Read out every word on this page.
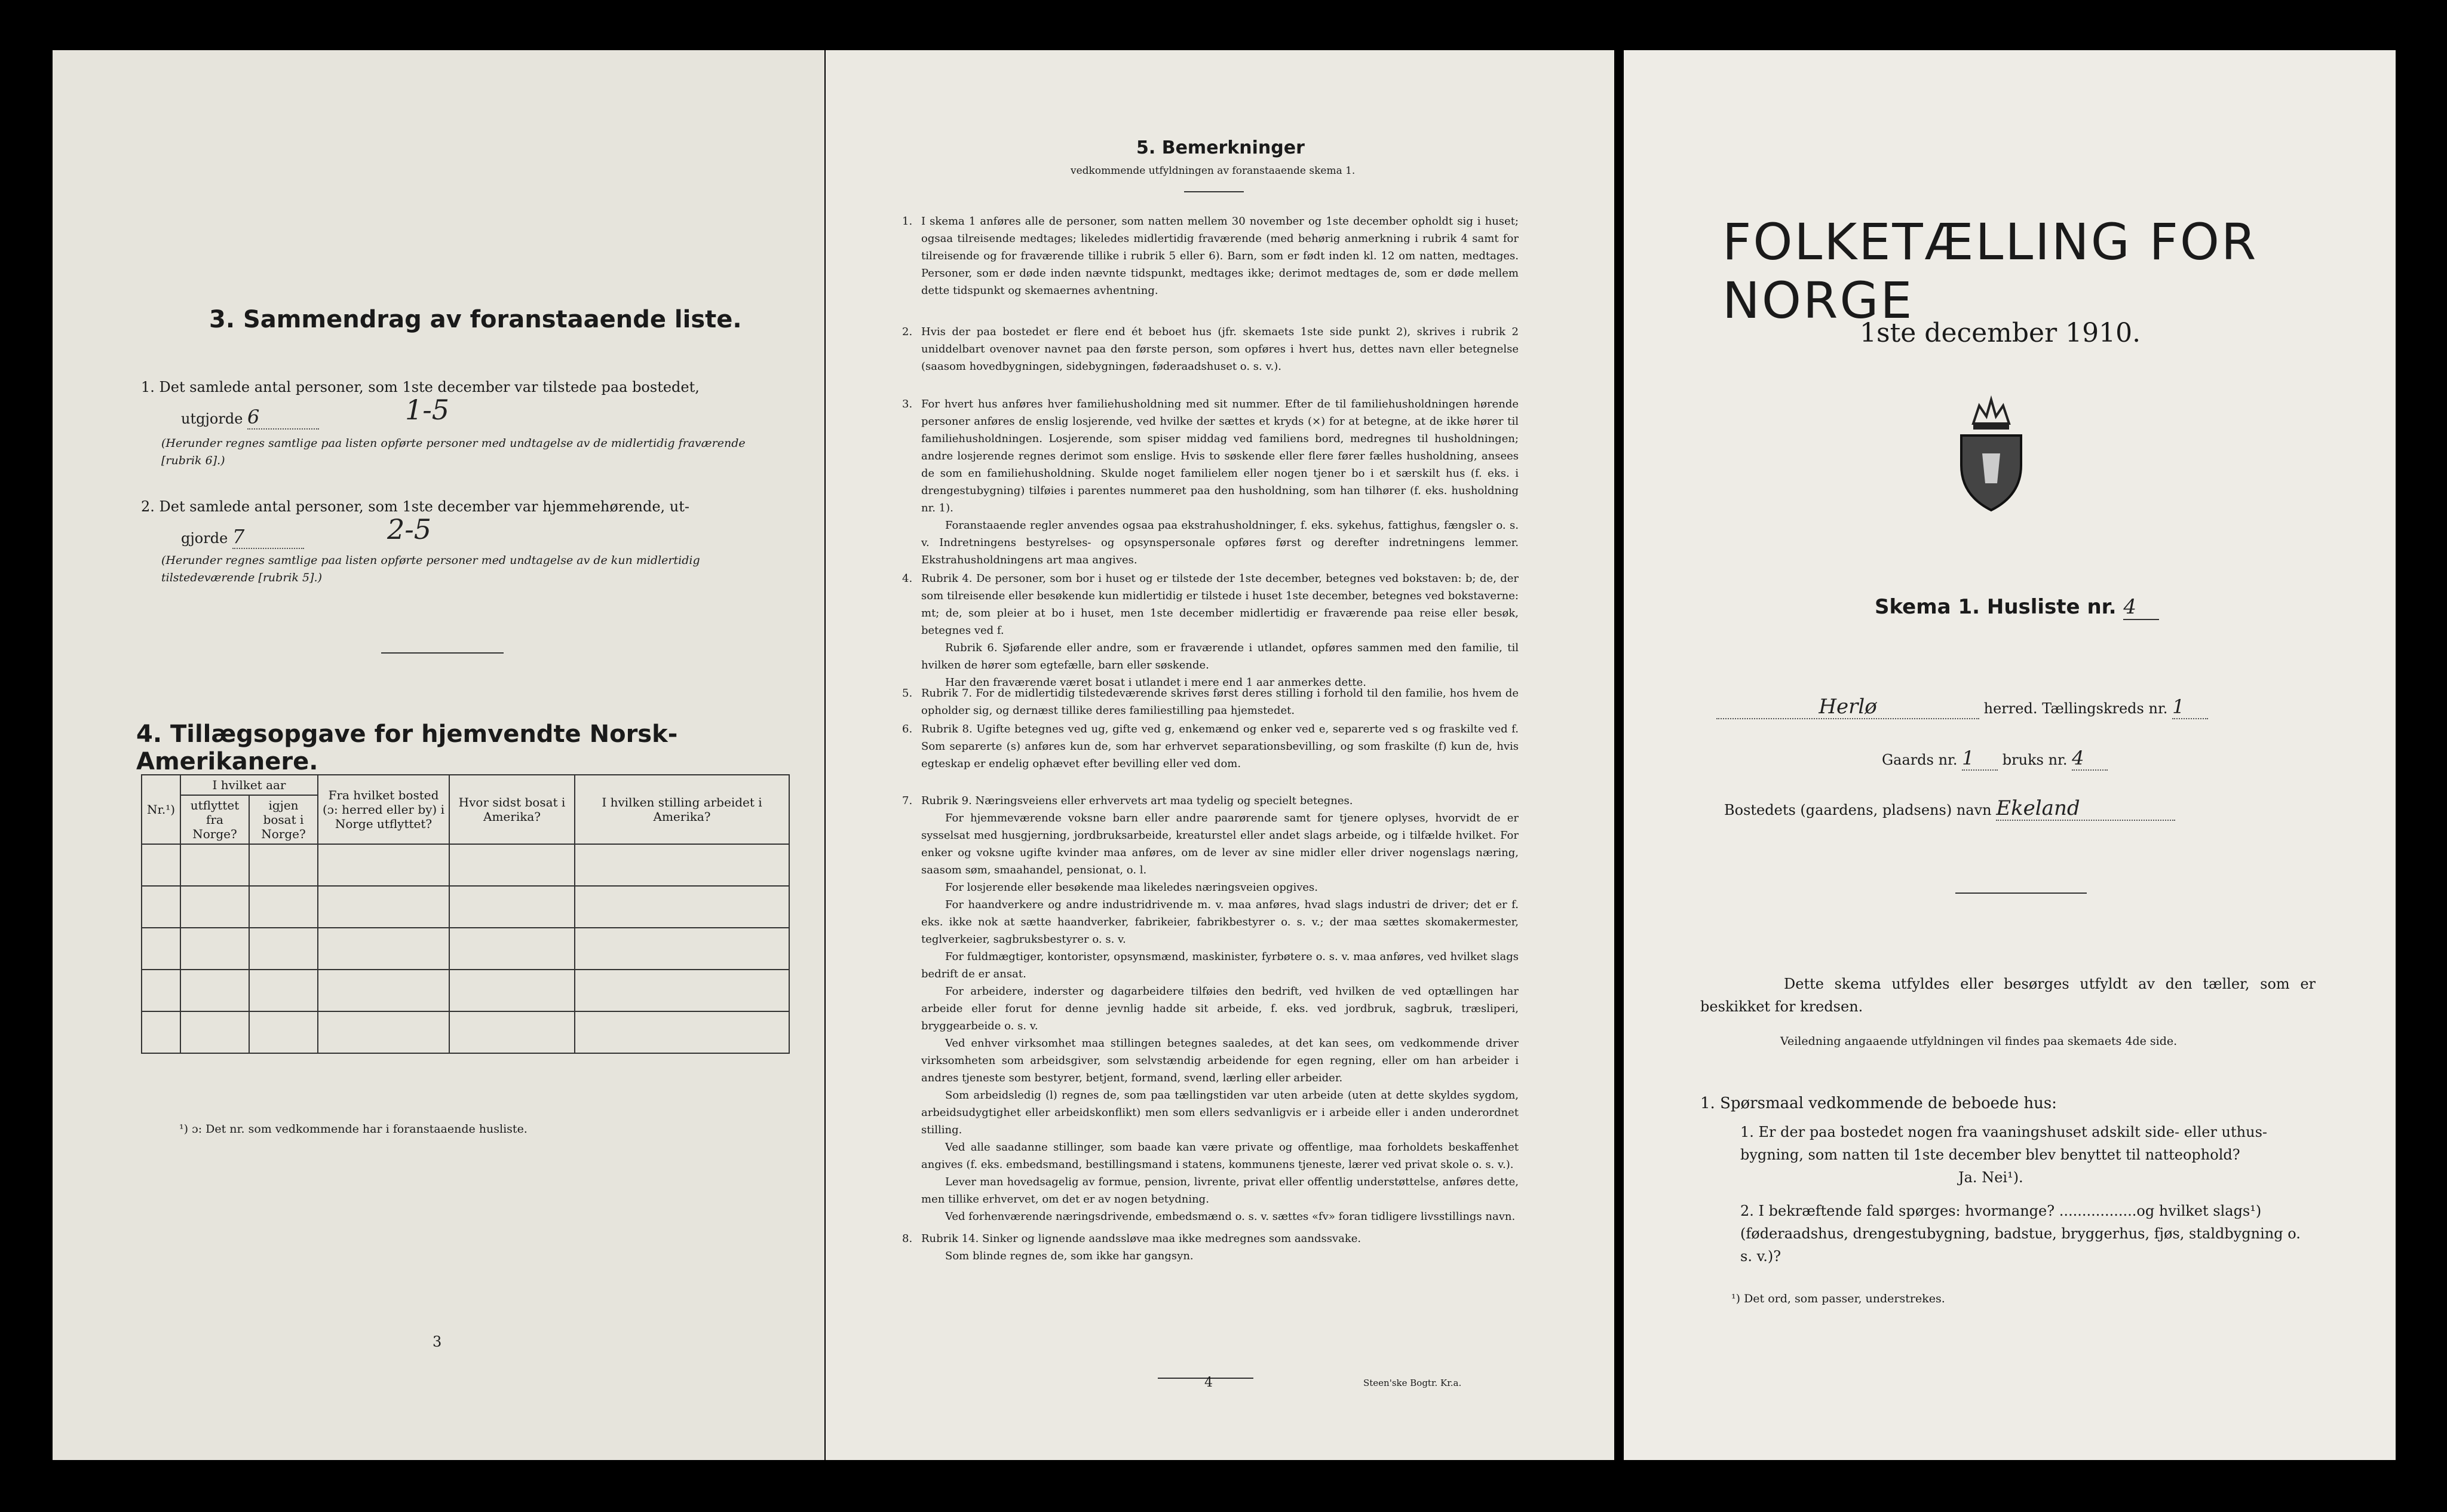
3. Sammendrag av foranstaaende liste.
1. Det samlede antal personer, som 1ste december var tilstede paa bostedet,
utgjorde 6	1-5
(Herunder regnes samtlige paa listen opførte personer med undtagelse av de midlertidig fraværende [rubrik 6].)
2. Det samlede antal personer, som 1ste december var hjemmehørende, ut-
gjorde 7	2-5
(Herunder regnes samtlige paa listen opførte personer med undtagelse av de kun midlertidig tilstedeværende [rubrik 5].)
4. Tillægsopgave for hjemvendte Norsk-Amerikanere.
Nr.¹)	I hvilket aar		Fra hvilket bosted (ɔ: herred eller by) i Norge utflyttet?	Hvor sidst bosat i Amerika?	I hvilken stilling arbeidet i Amerika?
	utflyttet fra Norge?	igjen bosat i Norge?			

¹) ɔ: Det nr. som vedkommende har i foranstaaende husliste.
3
5. Bemerkninger
vedkommende utfyldningen av foranstaaende skema 1.
1. I skema 1 anføres alle de personer, som natten mellem 30 november og 1ste december opholdt sig i huset; ogsaa tilreisende medtages; likeledes midlertidig fraværende (med behørig anmerkning i rubrik 4 samt for tilreisende og for fraværende tillike i rubrik 5 eller 6). Barn, som er født inden kl. 12 om natten, medtages. Personer, som er døde inden nævnte tidspunkt, medtages ikke; derimot medtages de, som er døde mellem dette tidspunkt og skemaernes avhentning.

2. Hvis der paa bostedet er flere end ét beboet hus (jfr. skemaets 1ste side punkt 2), skrives i rubrik 2 uniddelbart ovenover navnet paa den første person, som opføres i hvert hus, dettes navn eller betegnelse (saasom hovedbygningen, sidebygningen, føderaadshuset o. s. v.).

3. For hvert hus anføres hver familiehusholdning med sit nummer. Efter de til familiehusholdningen hørende personer anføres de enslig losjerende, ved hvilke der sættes et kryds (×) for at betegne, at de ikke hører til familiehusholdningen. Losjerende, som spiser middag ved familiens bord, medregnes til husholdningen; andre losjerende regnes derimot som enslige. Hvis to søskende eller flere fører fælles husholdning, ansees de som en familiehusholdning. Skulde noget familielem eller nogen tjener bo i et særskilt hus (f. eks. i drengestubygning) tilføies i parentes nummeret paa den husholdning, som han tilhører (f. eks. husholdning nr. 1).

Foranstaaende regler anvendes ogsaa paa ekstrahusholdninger, f. eks. sykehus, fattighus, fængsler o. s. v. Indretningens bestyrelses- og opsynspersonale opføres først og derefter indretningens lemmer. Ekstrahusholdningens art maa angives.

4. Rubrik 4. De personer, som bor i huset og er tilstede der 1ste december, betegnes ved bokstaven: b; de, der som tilreisende eller besøkende kun midlertidig er tilstede i huset 1ste december, betegnes ved bokstaverne: mt; de, som pleier at bo i huset, men 1ste december midlertidig er fraværende paa reise eller besøk, betegnes ved f.

Rubrik 6. Sjøfarende eller andre, som er fraværende i utlandet, opføres sammen med den familie, til hvilken de hører som egtefælle, barn eller søskende.

Har den fraværende været bosat i utlandet i mere end 1 aar anmerkes dette.

5. Rubrik 7. For de midlertidig tilstedeværende skrives først deres stilling i forhold til den familie, hos hvem de opholder sig, og dernæst tillike deres familiestilling paa hjemstedet.

6. Rubrik 8. Ugifte betegnes ved ug, gifte ved g, enkemænd og enker ved e, separerte ved s og fraskilte ved f. Som separerte (s) anføres kun de, som har erhvervet separationsbevilling, og som fraskilte (f) kun de, hvis egteskap er endelig ophævet efter bevilling eller ved dom.

7. Rubrik 9. Næringsveiens eller erhvervets art maa tydelig og specielt betegnes.

For hjemmeværende voksne barn eller andre paarørende samt for tjenere oplyses, hvorvidt de er sysselsat med husgjerning, jordbruksarbeide, kreaturstel eller andet slags arbeide, og i tilfælde hvilket. For enker og voksne ugifte kvinder maa anføres, om de lever av sine midler eller driver nogenslags næring, saasom søm, smaahandel, pensionat, o. l.

For losjerende eller besøkende maa likeledes næringsveien opgives.

For haandverkere og andre industridrivende m. v. maa anføres, hvad slags industri de driver; det er f. eks. ikke nok at sætte haandverker, fabrikeier, fabrikbestyrer o. s. v.; der maa sættes skomakermester, teglverkeier, sagbruksbestyrer o. s. v.

For fuldmægtiger, kontorister, opsynsmænd, maskinister, fyrbøtere o. s. v. maa anføres, ved hvilket slags bedrift de er ansat.

For arbeidere, inderster og dagarbeidere tilføies den bedrift, ved hvilken de ved optællingen har arbeide eller forut for denne jevnlig hadde sit arbeide, f. eks. ved jordbruk, sagbruk, træsliperi, bryggearbeide o. s. v.

Ved enhver virksomhet maa stillingen betegnes saaledes, at det kan sees, om vedkommende driver virksomheten som arbeidsgiver, som selvstændig arbeidende for egen regning, eller om han arbeider i andres tjeneste som bestyrer, betjent, formand, svend, lærling eller arbeider.

Som arbeidsledig (l) regnes de, som paa tællingstiden var uten arbeide (uten at dette skyldes sygdom, arbeidsudygtighet eller arbeidskonflikt) men som ellers sedvanligvis er i arbeide eller i anden underordnet stilling.

Ved alle saadanne stillinger, som baade kan være private og offentlige, maa forholdets beskaffenhet angives (f. eks. embedsmand, bestillingsmand i statens, kommunens tjeneste, lærer ved privat skole o. s. v.).

Lever man hovedsagelig av formue, pension, livrente, privat eller offentlig understøttelse, anføres dette, men tillike erhvervet, om det er av nogen betydning.

Ved forhenværende næringsdrivende, embedsmænd o. s. v. sættes «fv» foran tidligere livsstillings navn.

8. Rubrik 14. Sinker og lignende aandssløve maa ikke medregnes som aandssvake.

Som blinde regnes de, som ikke har gangsyn.

4	Steen'ske Bogtr. Kr.a.
FOLKETÆLLING FOR NORGE
1ste december 1910.
Skema 1. Husliste nr. 4
Herlø	herred. Tællingskreds nr. 1
Gaards nr. 1 bruks nr. 4
Bostedets (gaardens, pladsens) navn Ekeland
Dette skema utfyldes eller besørges utfyldt av den tæller, som er beskikket for kredsen.
Veiledning angaaende utfyldningen vil findes paa skemaets 4de side.
1. Spørsmaal vedkommende de beboede hus:
1. Er der paa bostedet nogen fra vaaningshuset adskilt side- eller uthus-bygning, som natten til 1ste december blev benyttet til natteophold?
Ja. Nei¹).
2. I bekræftende fald spørges: hvormange? .................og hvilket slags¹) (føderaadshus, drengestubygning, badstue, bryggerhus, fjøs, staldbygning o. s. v.)?
¹) Det ord, som passer, understrekes.
